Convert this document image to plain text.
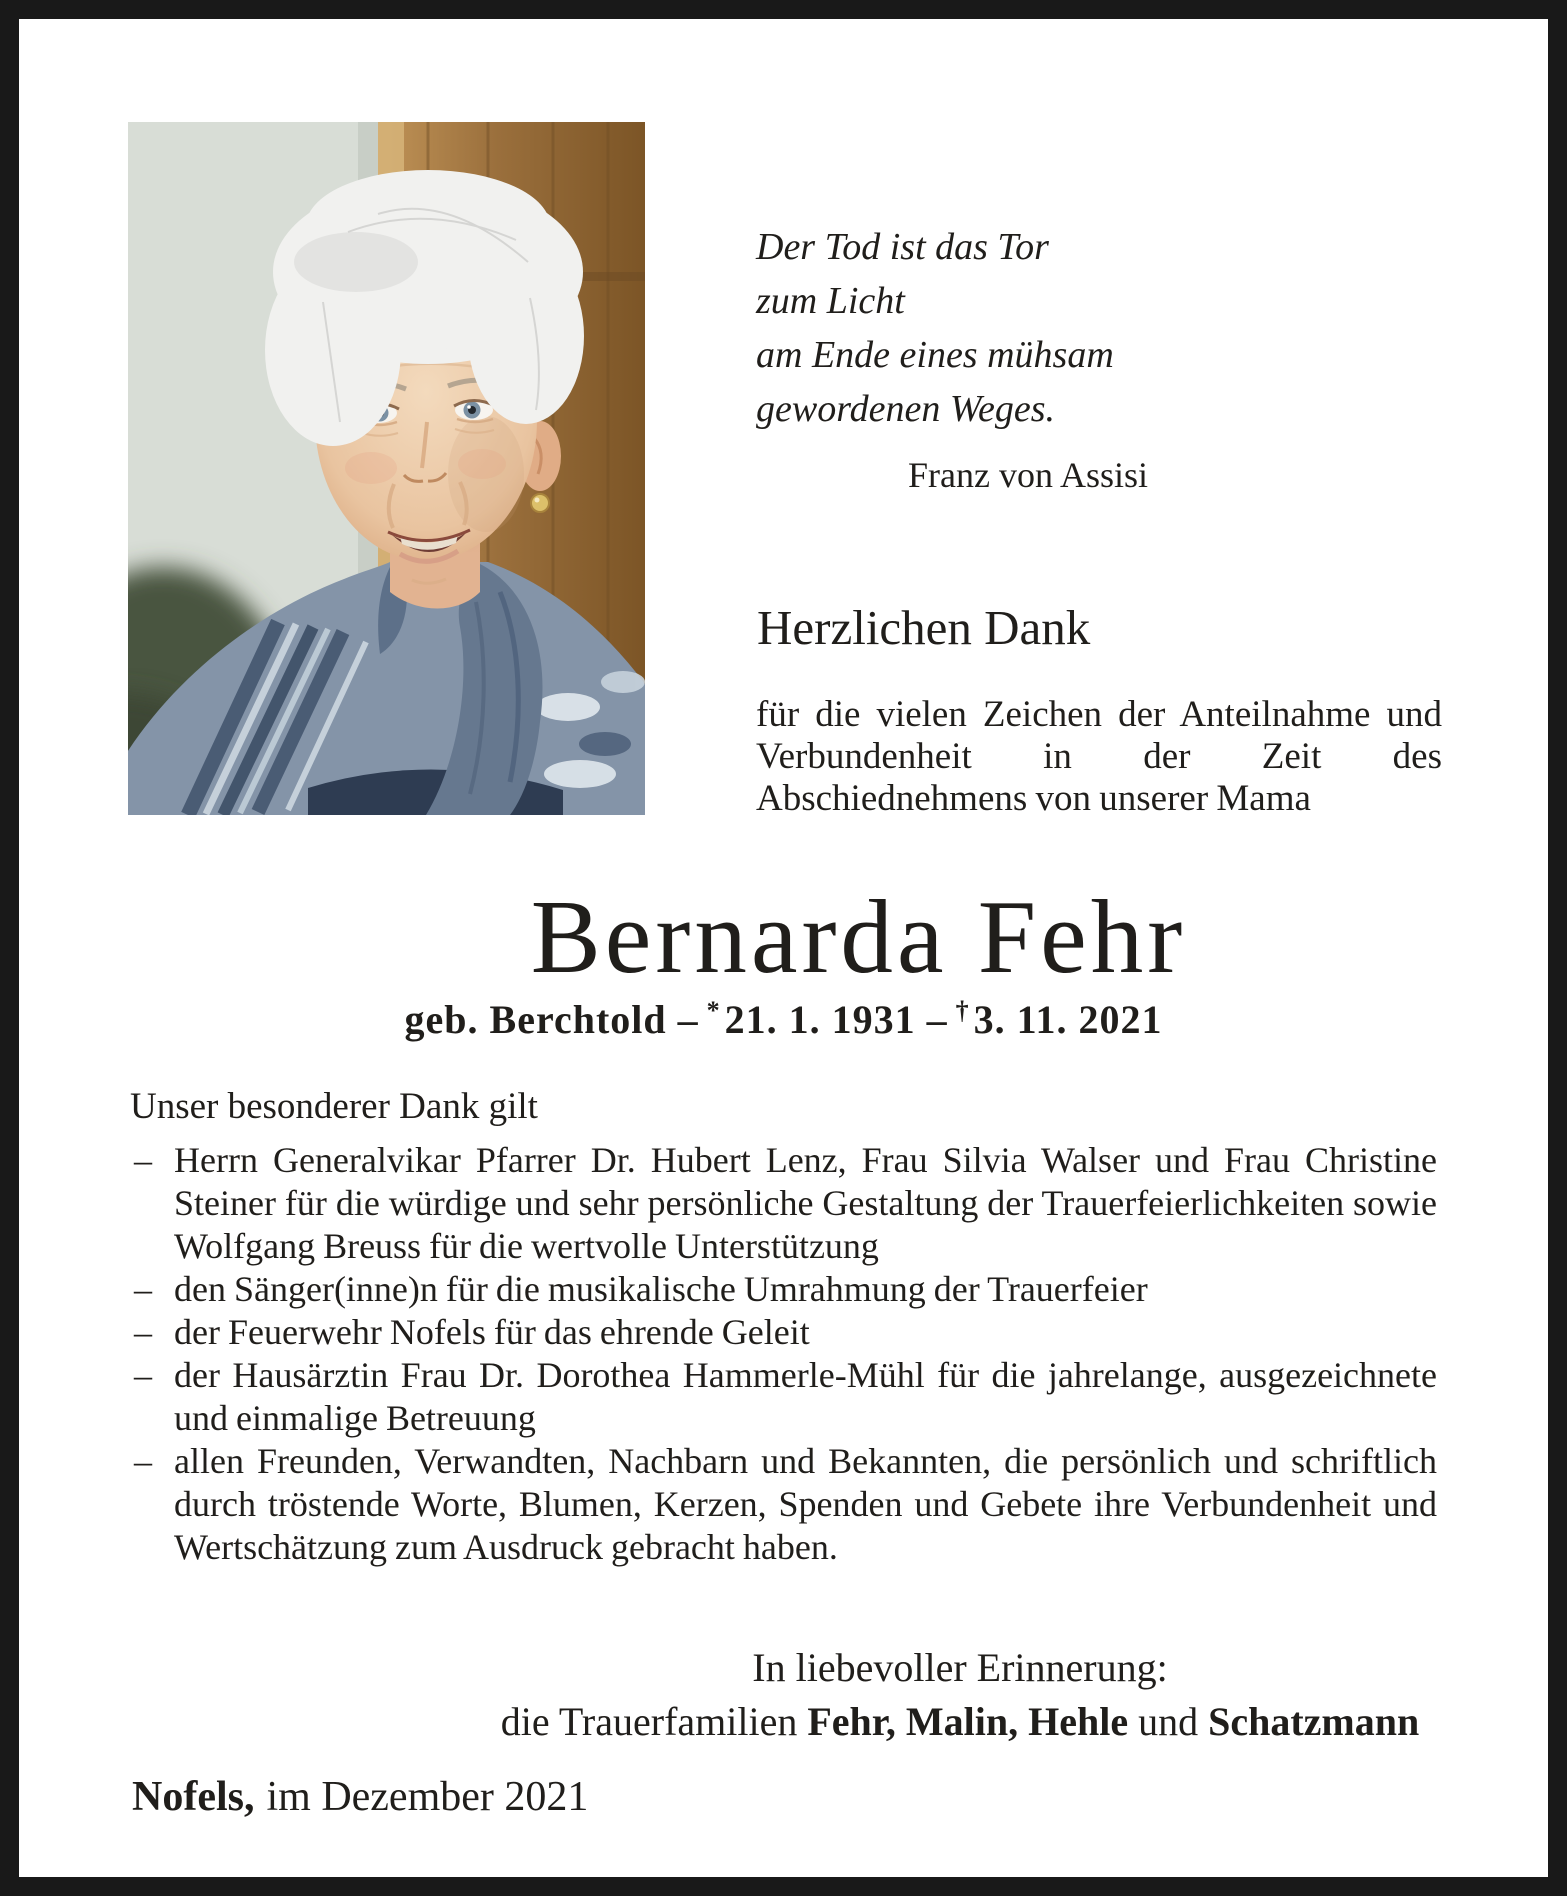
Der Tod ist das Tor
zum Licht
am Ende eines mühsam
gewordenen Weges.
Franz von Assisi
Herzlichen Dank

für die vielen Zeichen der Anteilnahme und Verbundenheit in der Zeit des Abschiednehmens von unserer Mama

Bernarda Fehr
geb. Berchtold – * 21. 1. 1931 – † 3. 11. 2021
Unser besonderer Dank gilt
– Herrn Generalvikar Pfarrer Dr. Hubert Lenz, Frau Silvia Walser und Frau Christine Steiner für die würdige und sehr persönliche Gestaltung der Trauerfeierlichkeiten sowie Wolfgang Breuss für die wertvolle Unterstützung
– den Sänger(inne)n für die musikalische Umrahmung der Trauerfeier
– der Feuerwehr Nofels für das ehrende Geleit
– der Hausärztin Frau Dr. Dorothea Hammerle-Mühl für die jahrelange, ausgezeichnete und einmalige Betreuung
– allen Freunden, Verwandten, Nachbarn und Bekannten, die persönlich und schriftlich durch tröstende Worte, Blumen, Kerzen, Spenden und Gebete ihre Verbundenheit und Wertschätzung zum Ausdruck gebracht haben.
In liebevoller Erinnerung:
die Trauerfamilien Fehr, Malin, Hehle und Schatzmann
Nofels, im Dezember 2021
